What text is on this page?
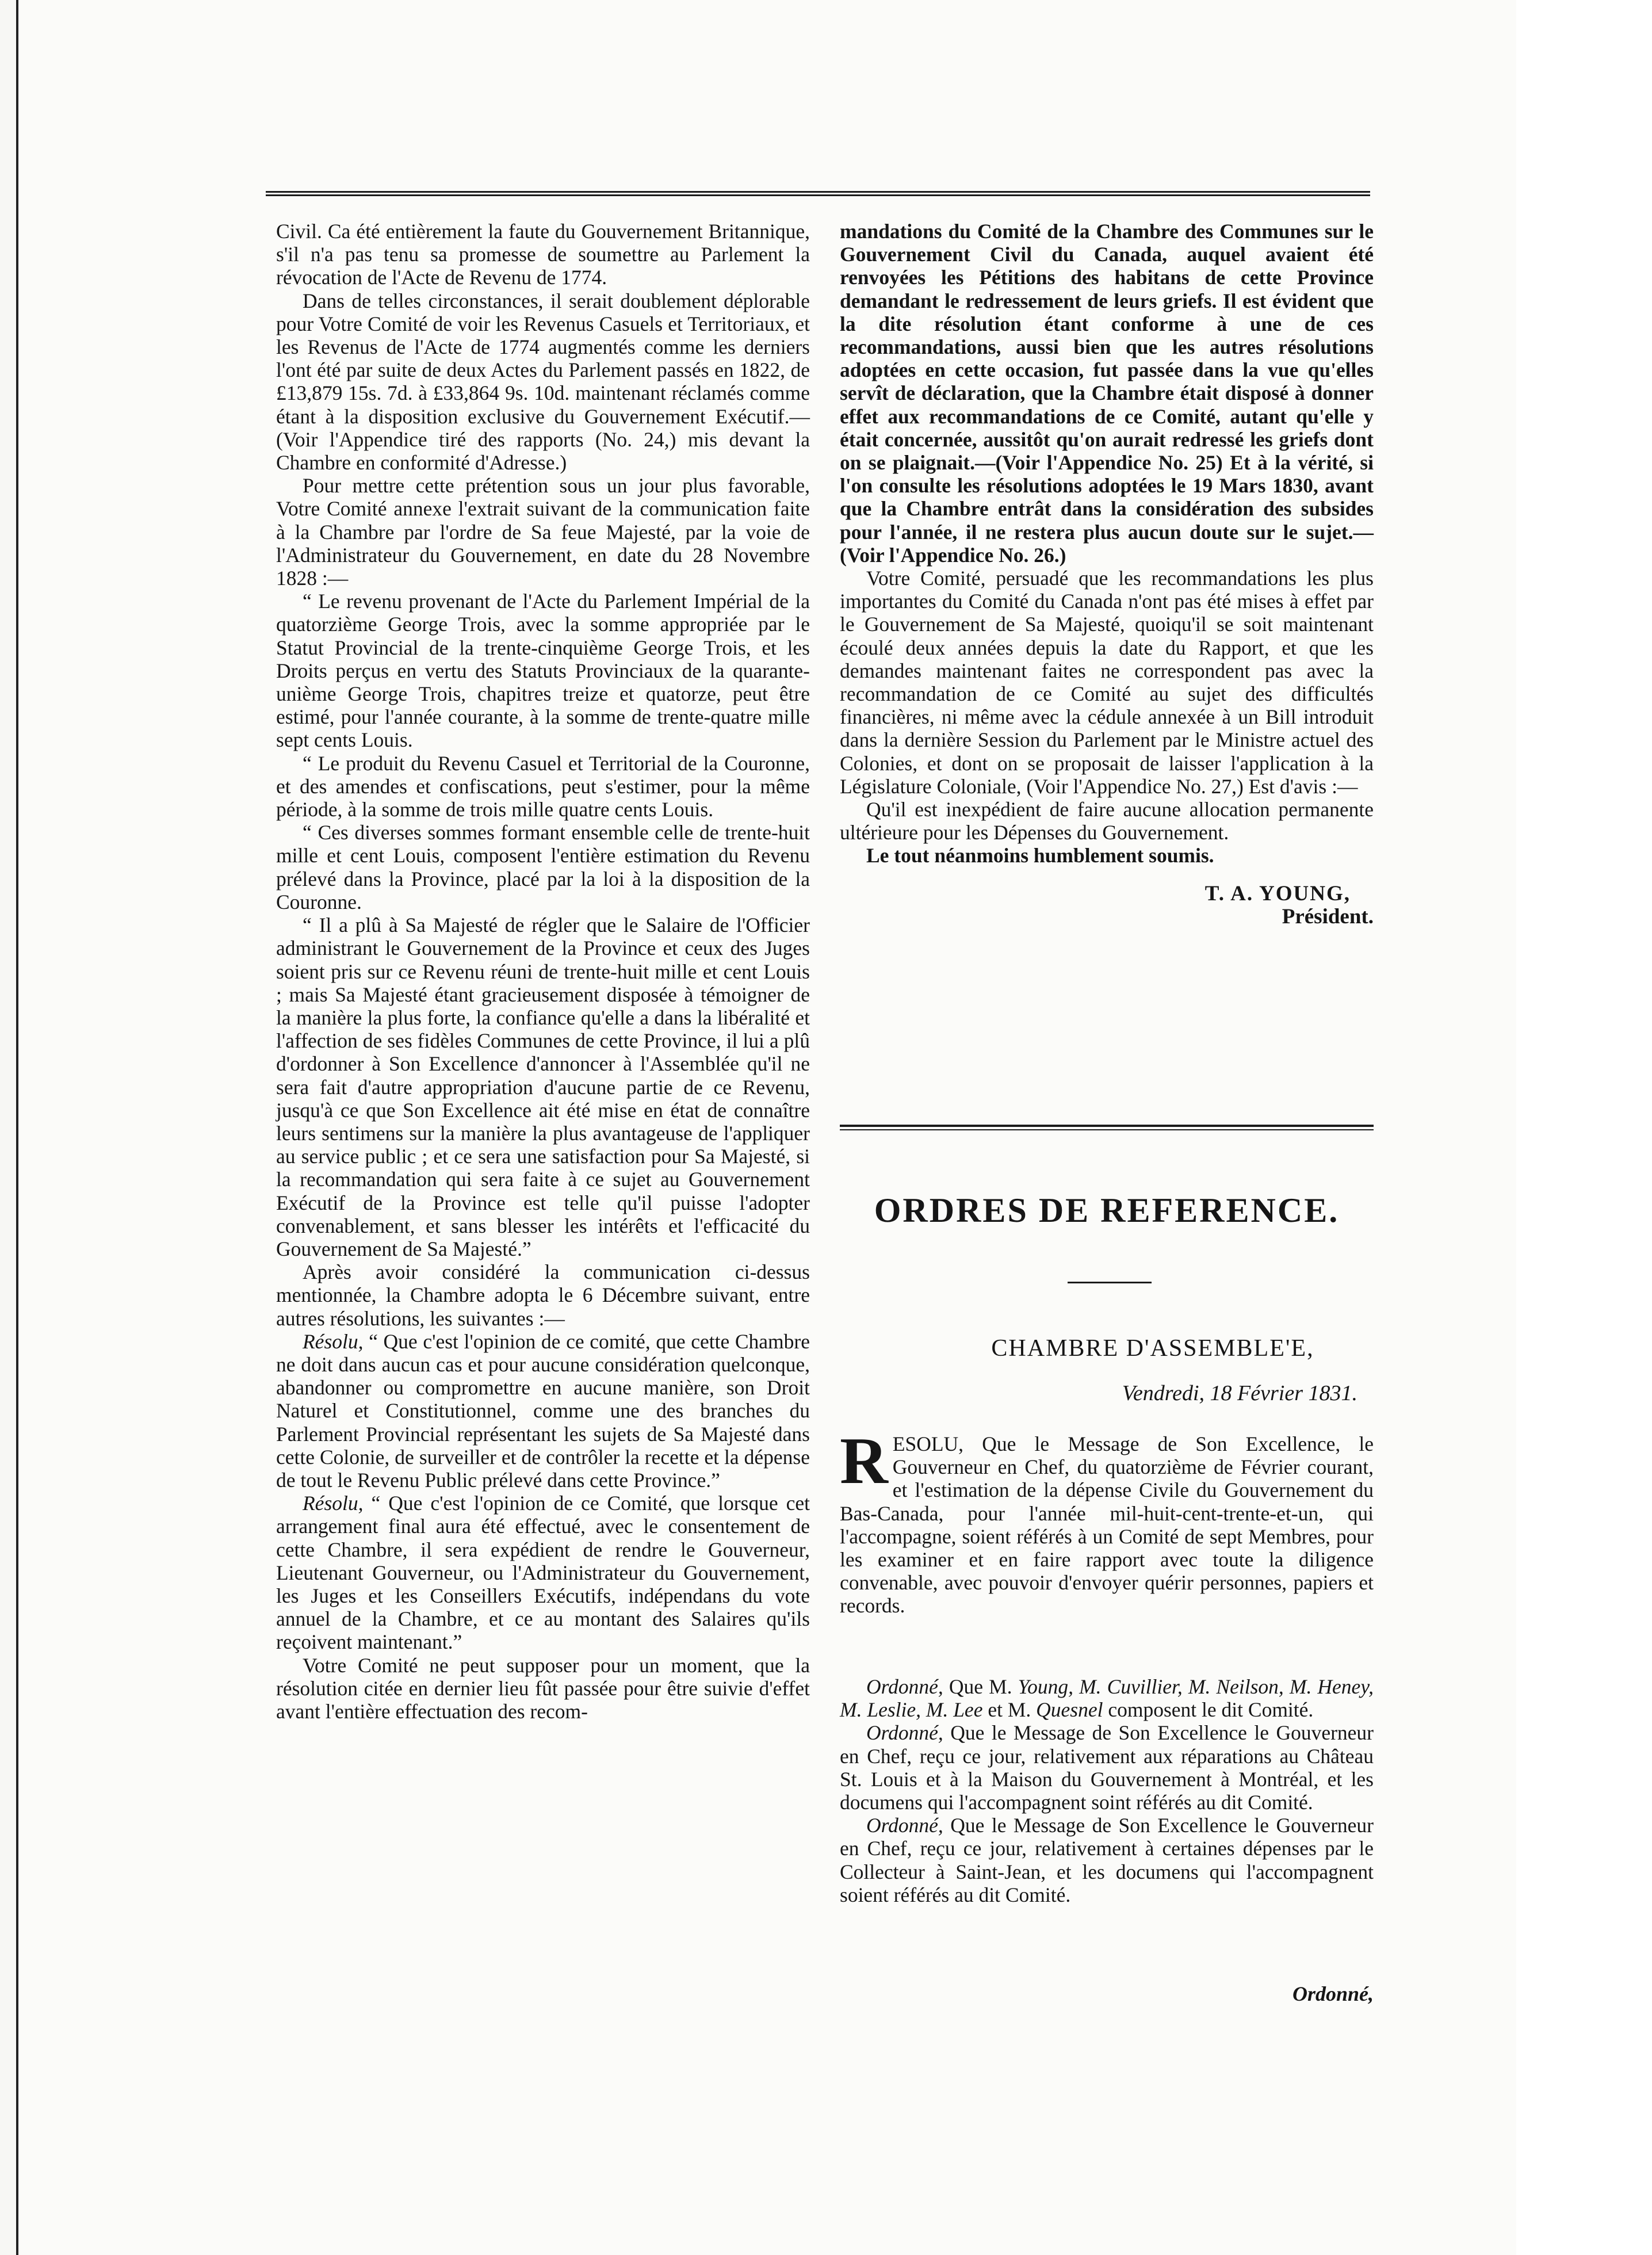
Civil. Ca été entièrement la faute du Gouvernement Britannique, s'il n'a pas tenu sa promesse de soumettre au Parlement la révocation de l'Acte de Revenu de 1774.

Dans de telles circonstances, il serait doublement déplorable pour Votre Comité de voir les Revenus Casuels et Territoriaux, et les Revenus de l'Acte de 1774 augmentés comme les derniers l'ont été par suite de deux Actes du Parlement passés en 1822, de £13,879 15s. 7d. à £33,864 9s. 10d. maintenant réclamés comme étant à la disposition exclusive du Gouvernement Exécutif.—(Voir l'Appendice tiré des rapports (No. 24,) mis devant la Chambre en conformité d'Adresse.)

Pour mettre cette prétention sous un jour plus favorable, Votre Comité annexe l'extrait suivant de la communication faite à la Chambre par l'ordre de Sa feue Majesté, par la voie de l'Administrateur du Gouvernement, en date du 28 Novembre 1828 :—

“ Le revenu provenant de l'Acte du Parlement Impérial de la quatorzième George Trois, avec la somme appropriée par le Statut Provincial de la trente-cinquième George Trois, et les Droits perçus en vertu des Statuts Provinciaux de la quarante-unième George Trois, chapitres treize et quatorze, peut être estimé, pour l'année courante, à la somme de trente-quatre mille sept cents Louis.

“ Le produit du Revenu Casuel et Territorial de la Couronne, et des amendes et confiscations, peut s'estimer, pour la même période, à la somme de trois mille quatre cents Louis.

“ Ces diverses sommes formant ensemble celle de trente-huit mille et cent Louis, composent l'entière estimation du Revenu prélevé dans la Province, placé par la loi à la disposition de la Couronne.

“ Il a plû à Sa Majesté de régler que le Salaire de l'Officier administrant le Gouvernement de la Province et ceux des Juges soient pris sur ce Revenu réuni de trente-huit mille et cent Louis ; mais Sa Majesté étant gracieusement disposée à témoigner de la manière la plus forte, la confiance qu'elle a dans la libéralité et l'affection de ses fidèles Communes de cette Province, il lui a plû d'ordonner à Son Excellence d'annoncer à l'Assemblée qu'il ne sera fait d'autre appropriation d'aucune partie de ce Revenu, jusqu'à ce que Son Excellence ait été mise en état de connaître leurs sentimens sur la manière la plus avantageuse de l'appliquer au service public ; et ce sera une satisfaction pour Sa Majesté, si la recommandation qui sera faite à ce sujet au Gouvernement Exécutif de la Province est telle qu'il puisse l'adopter convenablement, et sans blesser les intérêts et l'efficacité du Gouvernement de Sa Majesté.”

Après avoir considéré la communication ci-dessus mentionnée, la Chambre adopta le 6 Décembre suivant, entre autres résolutions, les suivantes :—

Résolu, “ Que c'est l'opinion de ce comité, que cette Chambre ne doit dans aucun cas et pour aucune considération quelconque, abandonner ou compromettre en aucune manière, son Droit Naturel et Constitutionnel, comme une des branches du Parlement Provincial représentant les sujets de Sa Majesté dans cette Colonie, de surveiller et de contrôler la recette et la dépense de tout le Revenu Public prélevé dans cette Province.”

Résolu, “ Que c'est l'opinion de ce Comité, que lorsque cet arrangement final aura été effectué, avec le consentement de cette Chambre, il sera expédient de rendre le Gouverneur, Lieutenant Gouverneur, ou l'Administrateur du Gouvernement, les Juges et les Conseillers Exécutifs, indépendans du vote annuel de la Chambre, et ce au montant des Salaires qu'ils reçoivent maintenant.”

Votre Comité ne peut supposer pour un moment, que la résolution citée en dernier lieu fût passée pour être suivie d'effet avant l'entière effectuation des recom-

mandations du Comité de la Chambre des Communes sur le Gouvernement Civil du Canada, auquel avaient été renvoyées les Pétitions des habitans de cette Province demandant le redressement de leurs griefs. Il est évident que la dite résolution étant conforme à une de ces recommandations, aussi bien que les autres résolutions adoptées en cette occasion, fut passée dans la vue qu'elles servît de déclaration, que la Chambre était disposé à donner effet aux recommandations de ce Comité, autant qu'elle y était concernée, aussitôt qu'on aurait redressé les griefs dont on se plaignait.—(Voir l'Appendice No. 25) Et à la vérité, si l'on consulte les résolutions adoptées le 19 Mars 1830, avant que la Chambre entrât dans la considération des subsides pour l'année, il ne restera plus aucun doute sur le sujet.— (Voir l'Appendice No. 26.)

Votre Comité, persuadé que les recommandations les plus importantes du Comité du Canada n'ont pas été mises à effet par le Gouvernement de Sa Majesté, quoiqu'il se soit maintenant écoulé deux années depuis la date du Rapport, et que les demandes maintenant faites ne correspondent pas avec la recommandation de ce Comité au sujet des difficultés financières, ni même avec la cédule annexée à un Bill introduit dans la dernière Session du Parlement par le Ministre actuel des Colonies, et dont on se proposait de laisser l'application à la Législature Coloniale, (Voir l'Appendice No. 27,) Est d'avis :—

Qu'il est inexpédient de faire aucune allocation permanente ultérieure pour les Dépenses du Gouvernement.

Le tout néanmoins humblement soumis.

T. A. YOUNG,
Président.
ORDRES DE REFERENCE.
CHAMBRE D'ASSEMBLE'E,
Vendredi, 18 Février 1831.
RESOLU, Que le Message de Son Excellence, le Gouverneur en Chef, du quatorzième de Février courant, et l'estimation de la dépense Civile du Gouvernement du Bas-Canada, pour l'année mil-huit-cent-trente-et-un, qui l'accompagne, soient référés à un Comité de sept Membres, pour les examiner et en faire rapport avec toute la diligence convenable, avec pouvoir d'envoyer quérir personnes, papiers et records.

Ordonné, Que M. Young, M. Cuvillier, M. Neilson, M. Heney, M. Leslie, M. Lee et M. Quesnel composent le dit Comité.

Ordonné, Que le Message de Son Excellence le Gouverneur en Chef, reçu ce jour, relativement aux réparations au Château St. Louis et à la Maison du Gouvernement à Montréal, et les documens qui l'accompagnent soint référés au dit Comité.

Ordonné, Que le Message de Son Excellence le Gouverneur en Chef, reçu ce jour, relativement à certaines dépenses par le Collecteur à Saint-Jean, et les documens qui l'accompagnent soient référés au dit Comité.

Ordonné,
